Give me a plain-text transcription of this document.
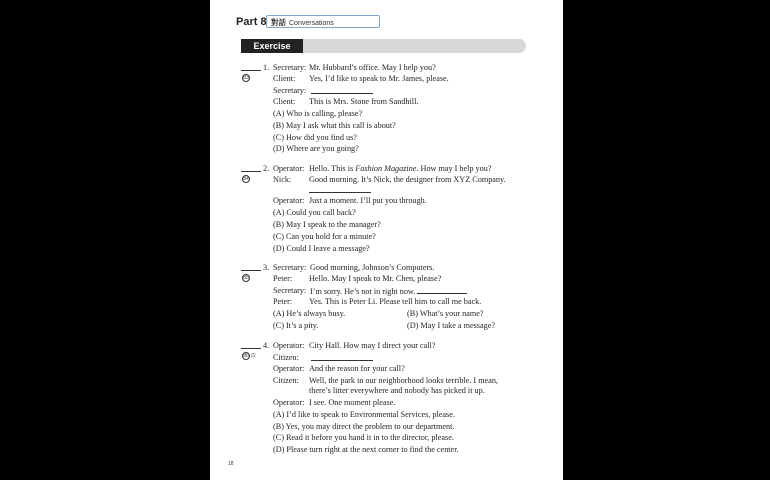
Part 8 對話 Conversations
Exercise
1.
83
Secretary: Mr. Hubbard’s office. May I help you?
Client: Yes, I’d like to speak to Mr. James, please.
Secretary:
Client: This is Mrs. Stone from Sandhill.
(A) Who is calling, please?
(B) May I ask what this call is about?
(C) How did you find us?
(D) Where are you going?
2.
84
Operator: Hello. This is Fashion Magazine. How may I help you?
Nick: Good morning. It’s Nick, the designer from XYZ Company.
Operator: Just a moment. I’ll put you through.
(A) Could you call back?
(B) May I speak to the manager?
(C) Can you hold for a minute?
(D) Could I leave a message?
3.
85
Secretary: Good morning, Johnson’s Computers.
Peter: Hello. May I speak to Mr. Chen, please?
Secretary: I’m sorry. He’s not in right now.
Peter: Yes. This is Peter Li. Please tell him to call me back.
(A) He’s always busy.	(B) What’s your name?
(C) It’s a pity.	(D) May I take a message?
4.
86 改
Operator: City Hall. How may I direct your call?
Citizen:
Operator: And the reason for your call?
Citizen: Well, the park in our neighborhood looks terrible. I mean,
there’s litter everywhere and nobody has picked it up.
Operator: I see. One moment please.
(A) I’d like to speak to Environmental Services, please.
(B) Yes, you may direct the problem to our department.
(C) Read it before you hand it in to the director, please.
(D) Please turn right at the next corner to find the center.
18
